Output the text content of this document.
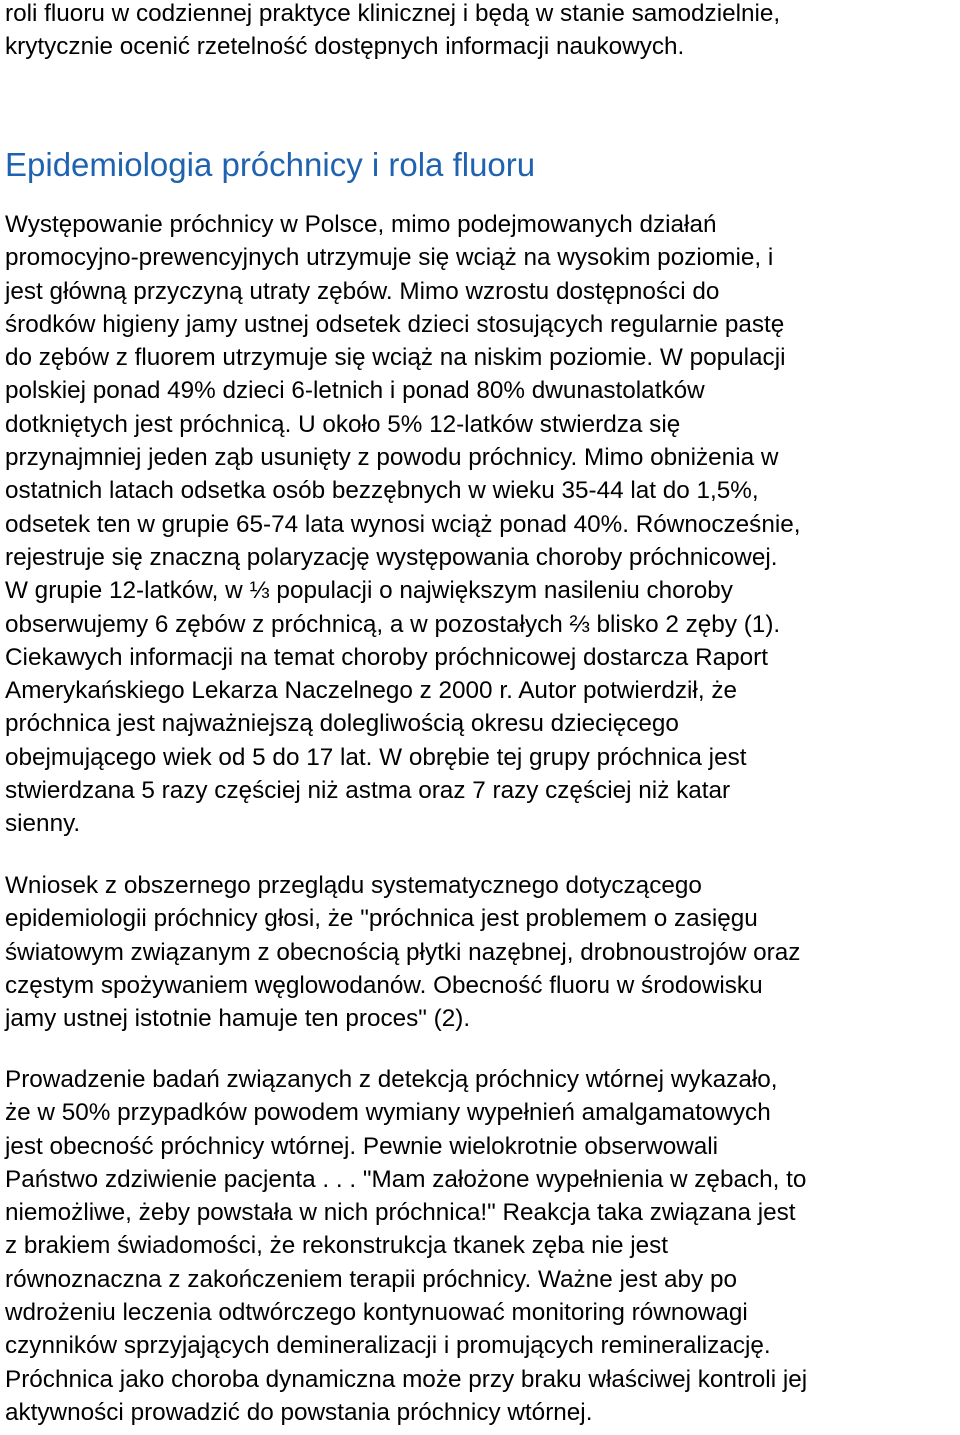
roli fluoru w codziennej praktyce klinicznej i będą w stanie samodzielnie,
krytycznie ocenić rzetelność dostępnych informacji naukowych.

Epidemiologia próchnicy i rola fluoru

Występowanie próchnicy w Polsce, mimo podejmowanych działań
promocyjno-prewencyjnych utrzymuje się wciąż na wysokim poziomie, i
jest główną przyczyną utraty zębów. Mimo wzrostu dostępności do
środków higieny jamy ustnej odsetek dzieci stosujących regularnie pastę
do zębów z fluorem utrzymuje się wciąż na niskim poziomie. W populacji
polskiej ponad 49% dzieci 6-letnich i ponad 80% dwunastolatków
dotkniętych jest próchnicą. U około 5% 12-latków stwierdza się
przynajmniej jeden ząb usunięty z powodu próchnicy. Mimo obniżenia w
ostatnich latach odsetka osób bezzębnych w wieku 35-44 lat do 1,5%,
odsetek ten w grupie 65-74 lata wynosi wciąż ponad 40%. Równocześnie,
rejestruje się znaczną polaryzację występowania choroby próchnicowej.
W grupie 12-latków, w ⅓ populacji o największym nasileniu choroby
obserwujemy 6 zębów z próchnicą, a w pozostałych ⅔ blisko 2 zęby (1).
Ciekawych informacji na temat choroby próchnicowej dostarcza Raport
Amerykańskiego Lekarza Naczelnego z 2000 r. Autor potwierdził, że
próchnica jest najważniejszą dolegliwością okresu dziecięcego
obejmującego wiek od 5 do 17 lat. W obrębie tej grupy próchnica jest
stwierdzana 5 razy częściej niż astma oraz 7 razy częściej niż katar
sienny.

Wniosek z obszernego przeglądu systematycznego dotyczącego
epidemiologii próchnicy głosi, że "próchnica jest problemem o zasięgu
światowym związanym z obecnością płytki nazębnej, drobnoustrojów oraz
częstym spożywaniem węglowodanów. Obecność fluoru w środowisku
jamy ustnej istotnie hamuje ten proces" (2).

Prowadzenie badań związanych z detekcją próchnicy wtórnej wykazało,
że w 50% przypadków powodem wymiany wypełnień amalgamatowych
jest obecność próchnicy wtórnej. Pewnie wielokrotnie obserwowali
Państwo zdziwienie pacjenta . . . "Mam założone wypełnienia w zębach, to
niemożliwe, żeby powstała w nich próchnica!" Reakcja taka związana jest
z brakiem świadomości, że rekonstrukcja tkanek zęba nie jest
równoznaczna z zakończeniem terapii próchnicy. Ważne jest aby po
wdrożeniu leczenia odtwórczego kontynuować monitoring równowagi
czynników sprzyjających demineralizacji i promujących remineralizację.
Próchnica jako choroba dynamiczna może przy braku właściwej kontroli jej
aktywności prowadzić do powstania próchnicy wtórnej.
